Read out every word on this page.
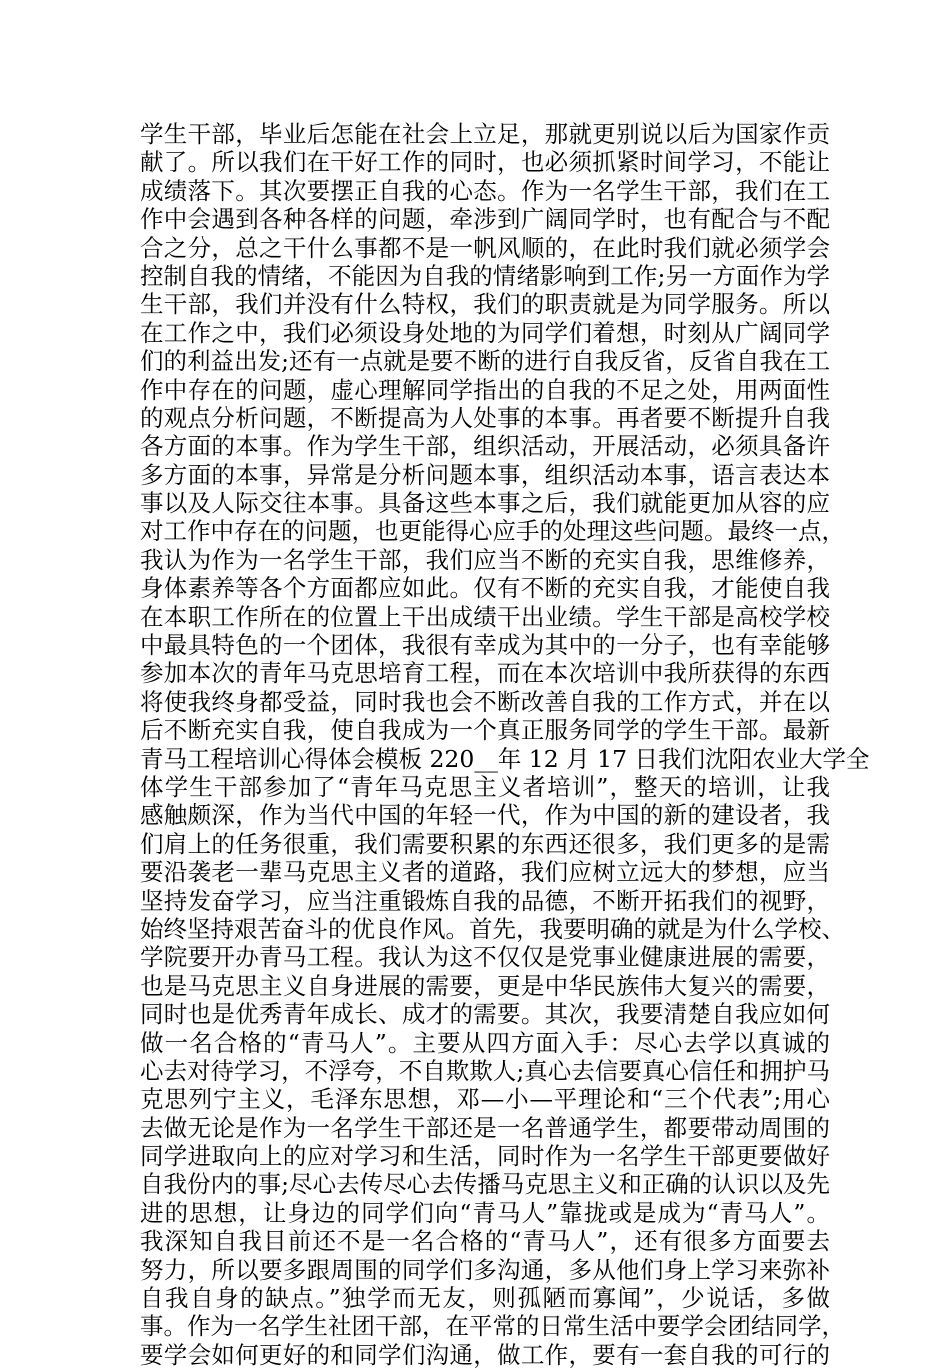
学生干部，毕业后怎能在社会上立足，那就更别说以后为国家作贡
献了。所以我们在干好工作的同时，也必须抓紧时间学习，不能让
成绩落下。其次要摆正自我的心态。作为一名学生干部，我们在工
作中会遇到各种各样的问题，牵涉到广阔同学时，也有配合与不配
合之分，总之干什么事都不是一帆风顺的，在此时我们就必须学会
控制自我的情绪，不能因为自我的情绪影响到工作;另一方面作为学
生干部，我们并没有什么特权，我们的职责就是为同学服务。所以
在工作之中，我们必须设身处地的为同学们着想，时刻从广阔同学
们的利益出发;还有一点就是要不断的进行自我反省，反省自我在工
作中存在的问题，虚心理解同学指出的自我的不足之处，用两面性
的观点分析问题，不断提高为人处事的本事。再者要不断提升自我
各方面的本事。作为学生干部，组织活动，开展活动，必须具备许
多方面的本事，异常是分析问题本事，组织活动本事，语言表达本
事以及人际交往本事。具备这些本事之后，我们就能更加从容的应
对工作中存在的问题，也更能得心应手的处理这些问题。最终一点，
我认为作为一名学生干部，我们应当不断的充实自我，思维修养，
身体素养等各个方面都应如此。仅有不断的充实自我，才能使自我
在本职工作所在的位置上干出成绩干出业绩。学生干部是高校学校
中最具特色的一个团体，我很有幸成为其中的一分子，也有幸能够
参加本次的青年马克思培育工程，而在本次培训中我所获得的东西
将使我终身都受益，同时我也会不断改善自我的工作方式，并在以
后不断充实自我，使自我成为一个真正服务同学的学生干部。最新
青马工程培训心得体会模板 220__年 12 月 17 日我们沈阳农业大学全
体学生干部参加了“青年马克思主义者培训”，整天的培训，让我
感触颇深，作为当代中国的年轻一代，作为中国的新的建设者，我
们肩上的任务很重，我们需要积累的东西还很多，我们更多的是需
要沿袭老一辈马克思主义者的道路，我们应树立远大的梦想，应当
坚持发奋学习，应当注重锻炼自我的品德，不断开拓我们的视野，
始终坚持艰苦奋斗的优良作风。首先，我要明确的就是为什么学校、
学院要开办青马工程。我认为这不仅仅是党事业健康进展的需要，
也是马克思主义自身进展的需要，更是中华民族伟大复兴的需要，
同时也是优秀青年成长、成才的需要。其次，我要清楚自我应如何
做一名合格的“青马人”。主要从四方面入手：尽心去学以真诚的
心去对待学习，不浮夸，不自欺欺人;真心去信要真心信任和拥护马
克思列宁主义，毛泽东思想，邓—小—平理论和“三个代表”;用心
去做无论是作为一名学生干部还是一名普通学生，都要带动周围的
同学进取向上的应对学习和生活，同时作为一名学生干部更要做好
自我份内的事;尽心去传尽心去传播马克思主义和正确的认识以及先
进的思想，让身边的同学们向“青马人”靠拢或是成为“青马人”。
我深知自我目前还不是一名合格的“青马人”，还有很多方面要去
努力，所以要多跟周围的同学们多沟通，多从他们身上学习来弥补
自我自身的缺点。”独学而无友，则孤陋而寡闻”，少说话，多做
事。作为一名学生社团干部，在平常的日常生活中要学会团结同学，
要学会如何更好的和同学们沟通，做工作，要有一套自我的可行的
